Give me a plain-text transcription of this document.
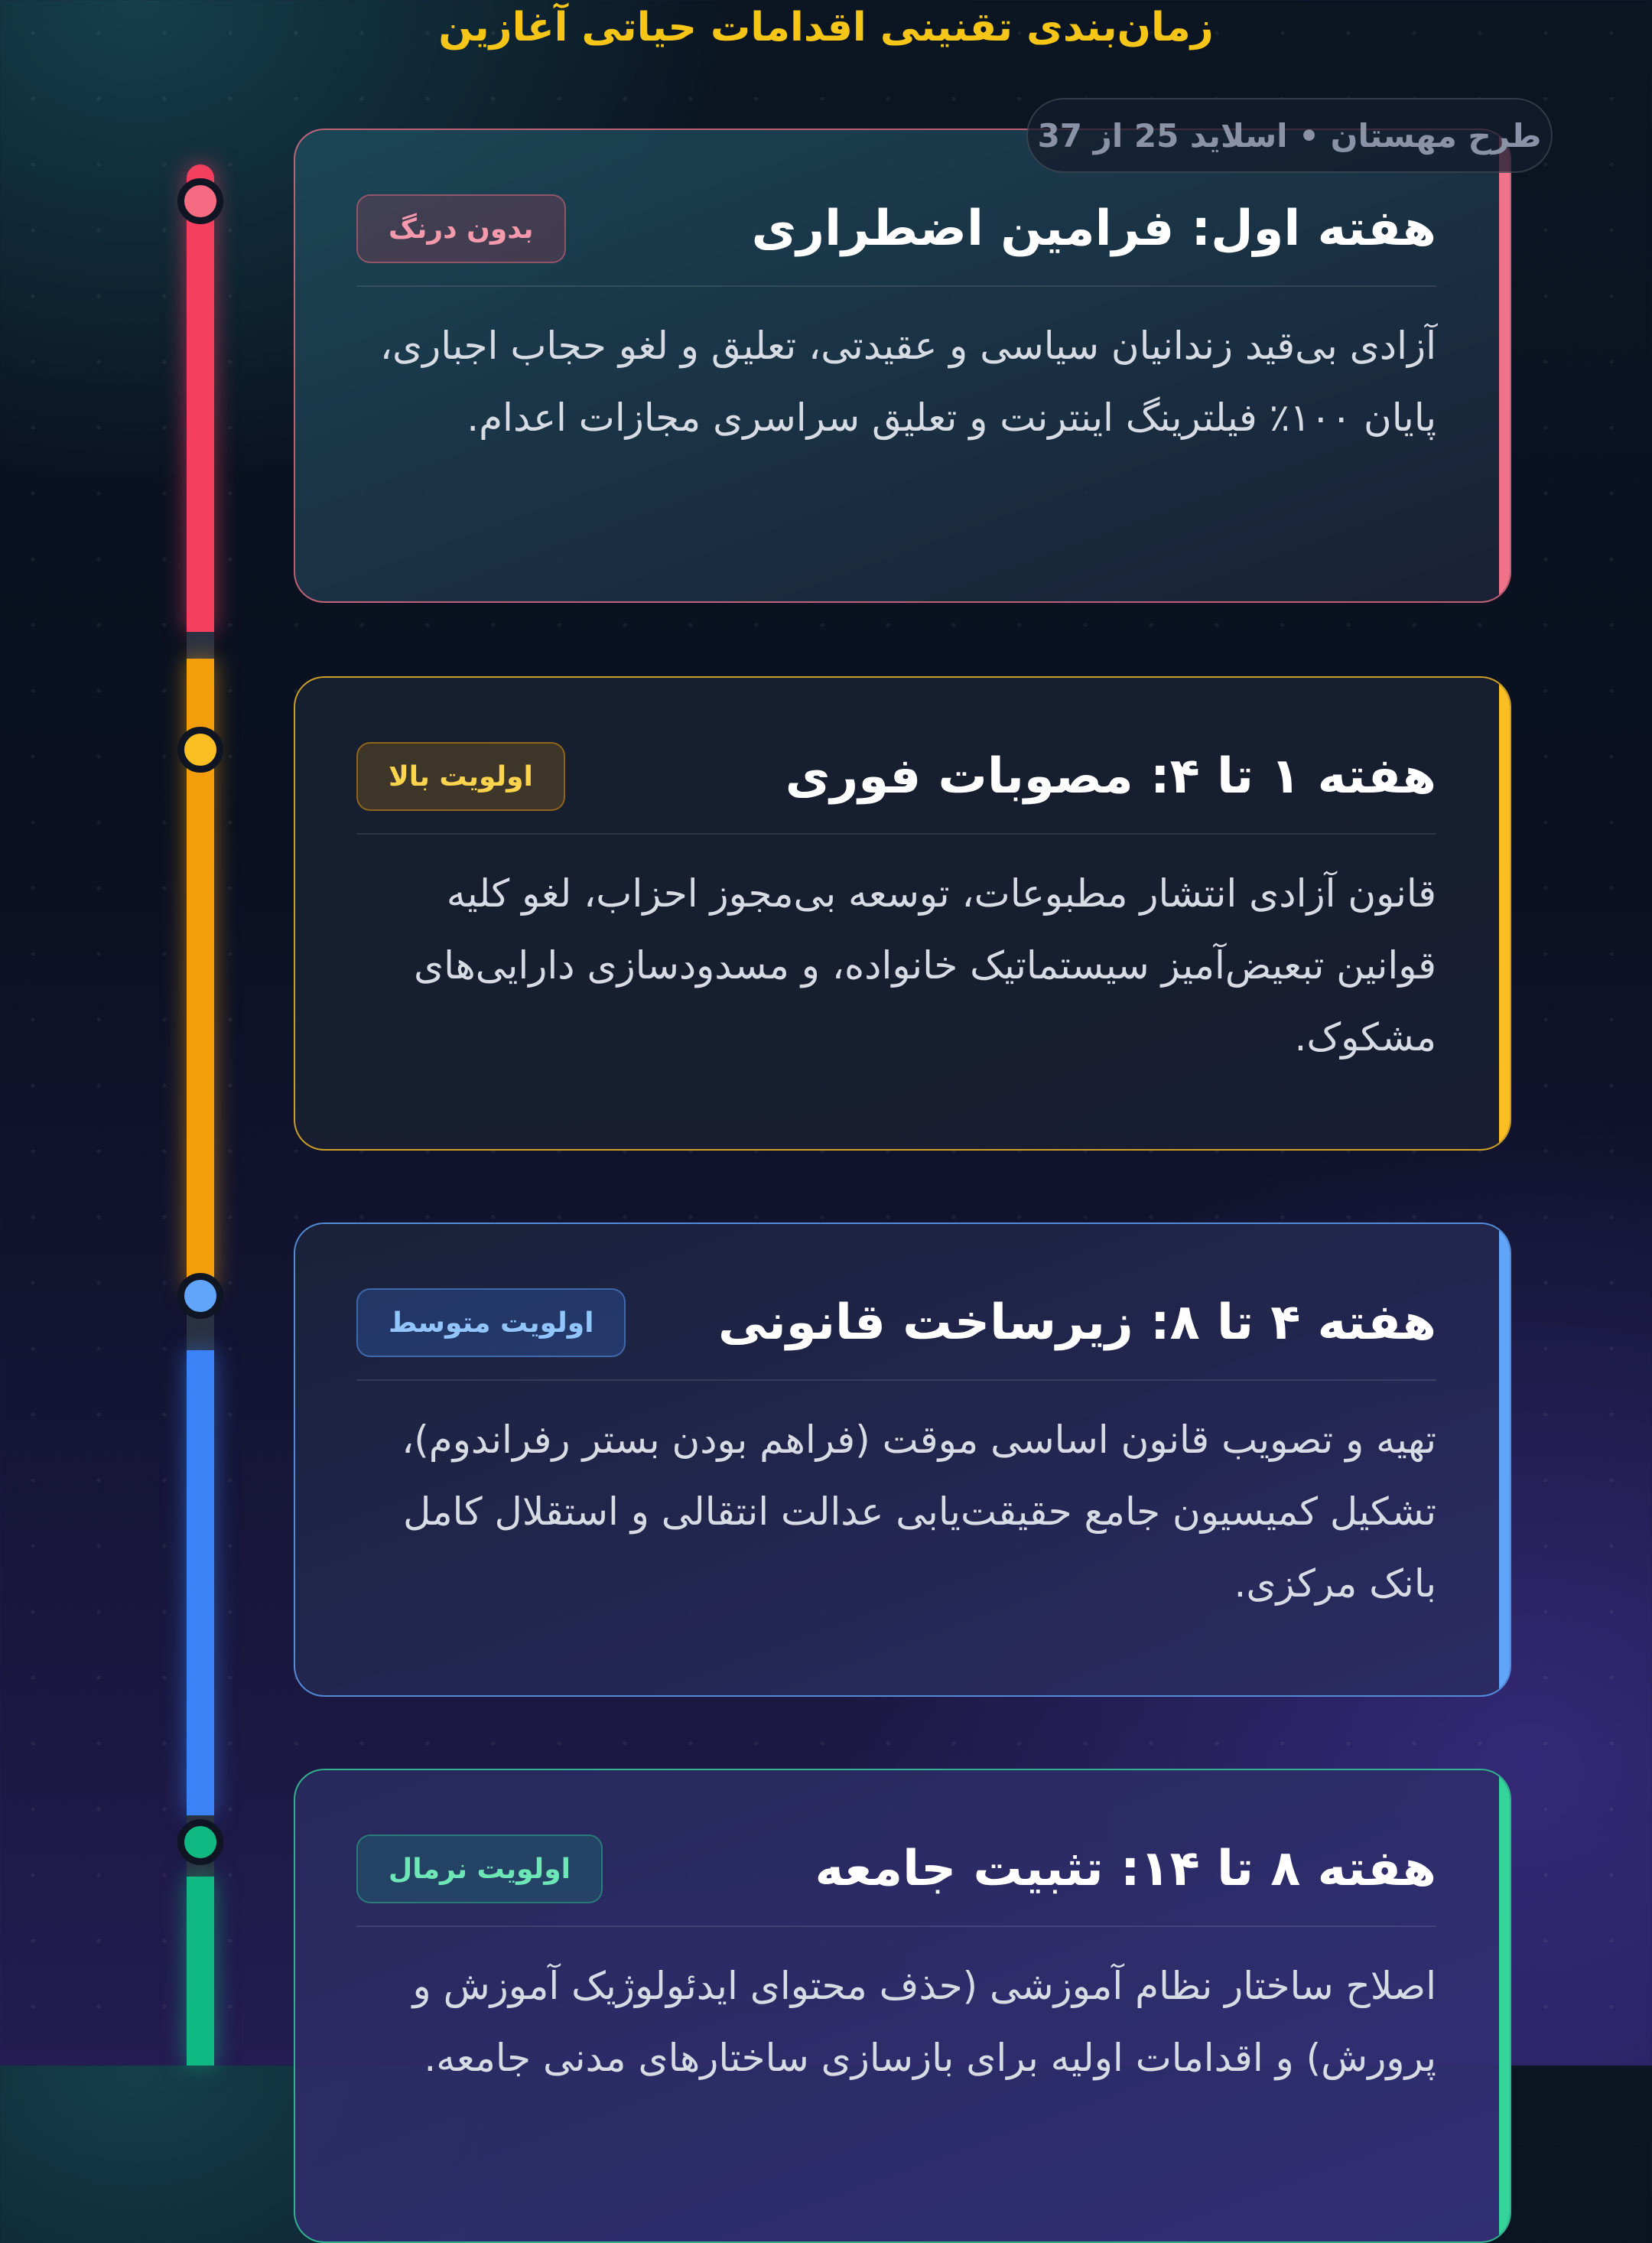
زمان‌بندی تقنینی اقدامات حیاتی آغازین
طرح مهستان • اسلاید 25 از 37
هفته اول: فرامین اضطراری
بدون درنگ

آزادی بی‌قید زندانیان سیاسی و عقیدتی، تعلیق و لغو حجاب اجباری، پایان ۱۰۰٪ فیلترینگ اینترنت و تعلیق سراسری مجازات اعدام.

هفته ۱ تا ۴: مصوبات فوری
اولویت بالا

قانون آزادی انتشار مطبوعات، توسعه بی‌مجوز احزاب، لغو کلیه قوانین تبعیض‌آمیز سیستماتیک خانواده، و مسدودسازی دارایی‌های مشکوک.

هفته ۴ تا ۸: زیرساخت قانونی
اولویت متوسط

تهیه و تصویب قانون اساسی موقت (فراهم بودن بستر رفراندوم)، تشکیل کمیسیون جامع حقیقت‌یابی عدالت انتقالی و استقلال کامل بانک مرکزی.

هفته ۸ تا ۱۴: تثبیت جامعه
اولویت نرمال

اصلاح ساختار نظام آموزشی (حذف محتوای ایدئولوژیک آموزش و پرورش) و اقدامات اولیه برای بازسازی ساختارهای مدنی جامعه.
